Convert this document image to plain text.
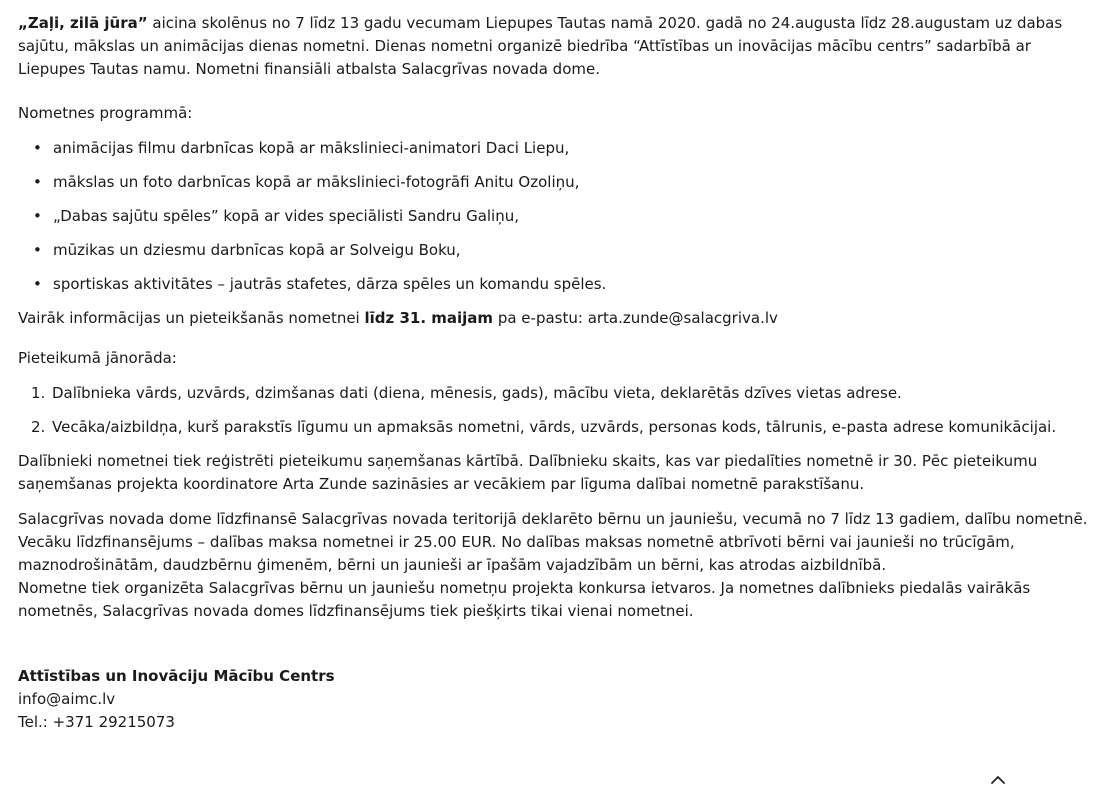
„Zaļi, zilā jūra” aicina skolēnus no 7 līdz 13 gadu vecumam Liepupes Tautas namā 2020. gadā no 24.augusta līdz 28.augustam uz dabas sajūtu, mākslas un animācijas dienas nometni. Dienas nometni organizē biedrība “Attīstības un inovācijas mācību centrs” sadarbībā ar Liepupes Tautas namu. Nometni finansiāli atbalsta Salacgrīvas novada dome.

Nometnes programmā:

• animācijas filmu darbnīcas kopā ar mākslinieci-animatori Daci Liepu,
• mākslas un foto darbnīcas kopā ar mākslinieci-fotogrāfi Anitu Ozoliņu,
• „Dabas sajūtu spēles” kopā ar vides speciālisti Sandru Galiņu,
• mūzikas un dziesmu darbnīcas kopā ar Solveigu Boku,
• sportiskas aktivitātes – jautrās stafetes, dārza spēles un komandu spēles.

Vairāk informācijas un pieteikšanās nometnei līdz 31. maijam pa e-pastu: arta.zunde@salacgriva.lv

Pieteikumā jānorāda:

1. Dalībnieka vārds, uzvārds, dzimšanas dati (diena, mēnesis, gads), mācību vieta, deklarētās dzīves vietas adrese.
2. Vecāka/aizbildņa, kurš parakstīs līgumu un apmaksās nometni, vārds, uzvārds, personas kods, tālrunis, e-pasta adrese komunikācijai.

Dalībnieki nometnei tiek reģistrēti pieteikumu saņemšanas kārtībā. Dalībnieku skaits, kas var piedalīties nometnē ir 30. Pēc pieteikumu saņemšanas projekta koordinatore Arta Zunde sazināsies ar vecākiem par līguma dalībai nometnē parakstīšanu.

Salacgrīvas novada dome līdzfinansē Salacgrīvas novada teritorijā deklarēto bērnu un jauniešu, vecumā no 7 līdz 13 gadiem, dalību nometnē. Vecāku līdzfinansējums – dalības maksa nometnei ir 25.00 EUR. No dalības maksas nometnē atbrīvoti bērni vai jaunieši no trūcīgām, maznodrošinātām, daudzbērnu ģimenēm, bērni un jaunieši ar īpašām vajadzībām un bērni, kas atrodas aizbildnībā.
Nometne tiek organizēta Salacgrīvas bērnu un jauniešu nometņu projekta konkursa ietvaros. Ja nometnes dalībnieks piedalās vairākās nometnēs, Salacgrīvas novada domes līdzfinansējums tiek piešķirts tikai vienai nometnei.

Attīstības un Inovāciju Mācību Centrs

info@aimc.lv

Tel.: +371 29215073
